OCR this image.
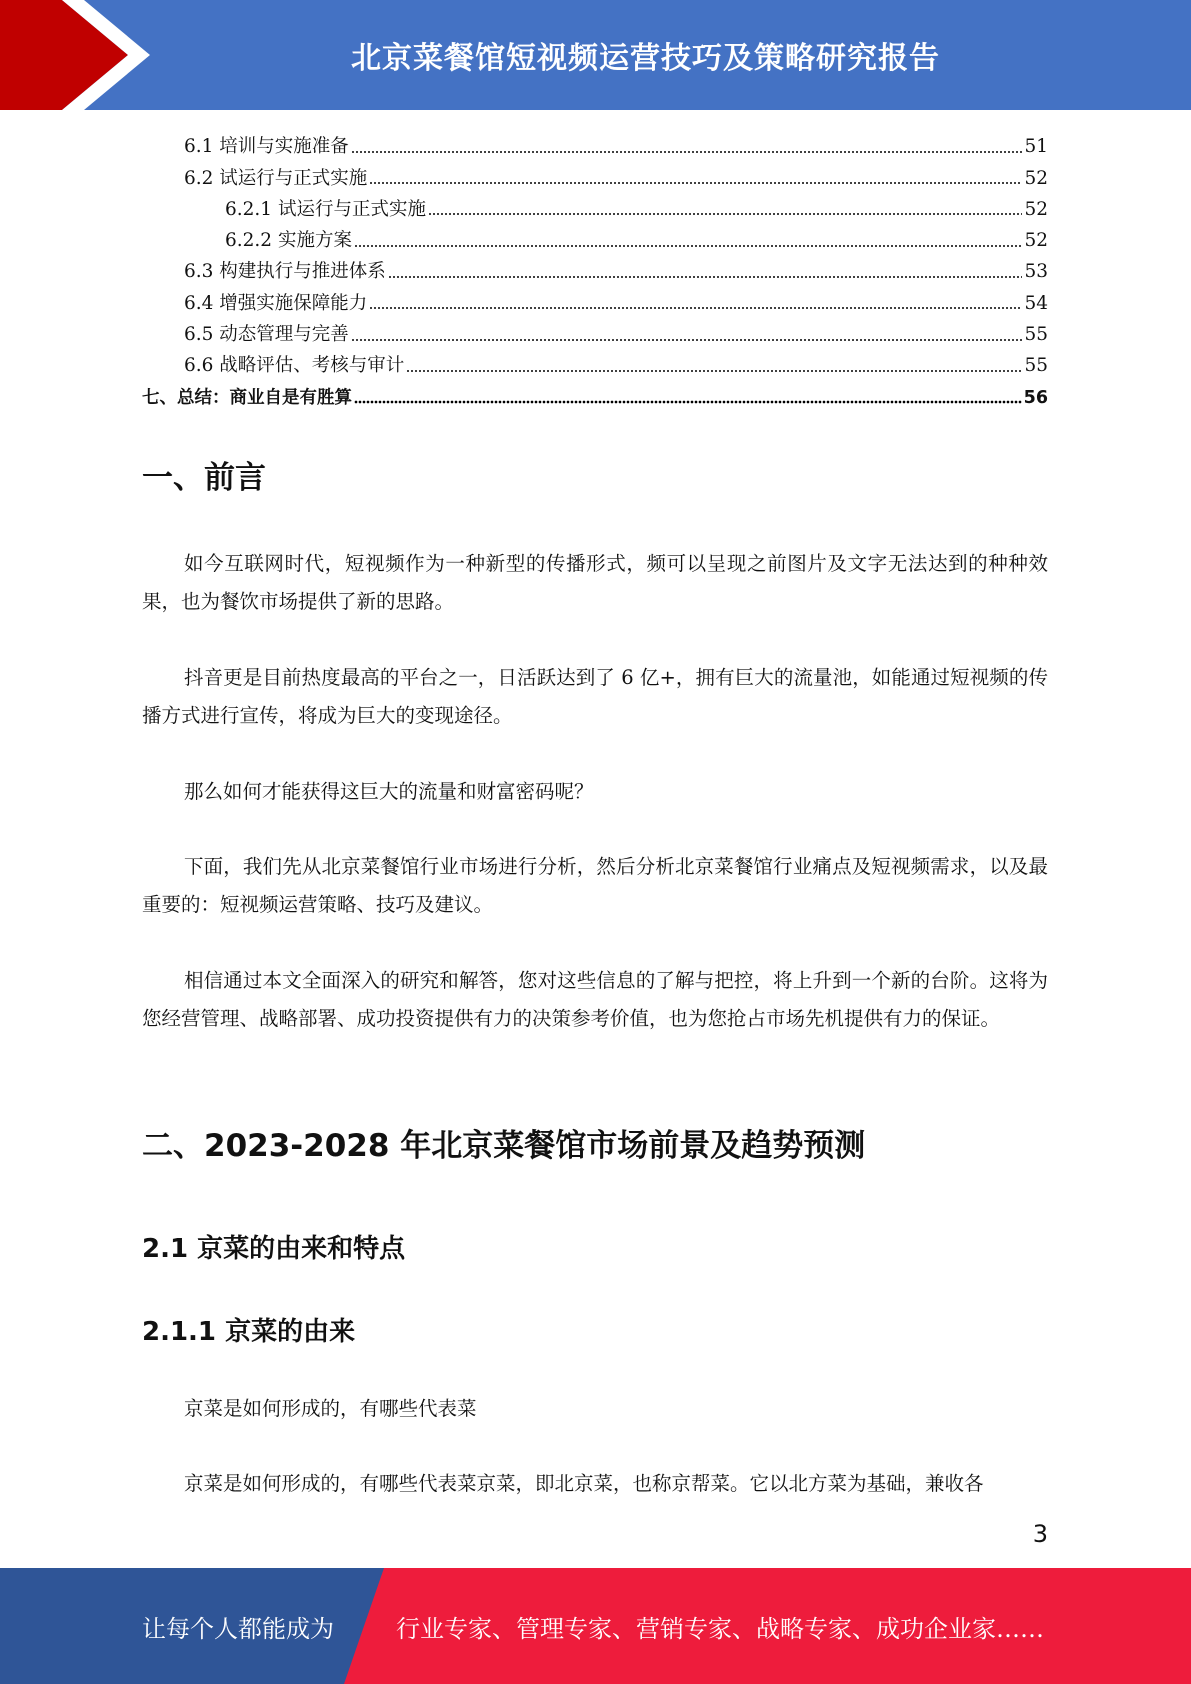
北京菜餐馆短视频运营技巧及策略研究报告
6.1 培训与实施准备	51
6.2 试运行与正式实施	52
6.2.1 试运行与正式实施	52
6.2.2 实施方案	52
6.3 构建执行与推进体系	53
6.4 增强实施保障能力	54
6.5 动态管理与完善	55
6.6 战略评估、考核与审计	55
七、总结：商业自是有胜算	56
一、前言

如今互联网时代，短视频作为一种新型的传播形式，频可以呈现之前图片及文字无法达到的种种效果，也为餐饮市场提供了新的思路。

抖音更是目前热度最高的平台之一，日活跃达到了 6 亿+，拥有巨大的流量池，如能通过短视频的传播方式进行宣传，将成为巨大的变现途径。

那么如何才能获得这巨大的流量和财富密码呢？

下面，我们先从北京菜餐馆行业市场进行分析，然后分析北京菜餐馆行业痛点及短视频需求，以及最重要的：短视频运营策略、技巧及建议。

相信通过本文全面深入的研究和解答，您对这些信息的了解与把控，将上升到一个新的台阶。这将为您经营管理、战略部署、成功投资提供有力的决策参考价值，也为您抢占市场先机提供有力的保证。

二、2023-2028 年北京菜餐馆市场前景及趋势预测
2.1 京菜的由来和特点
2.1.1 京菜的由来

京菜是如何形成的，有哪些代表菜

京菜是如何形成的，有哪些代表菜京菜，即北京菜，也称京帮菜。它以北方菜为基础，兼收各

3
让每个人都能成为	行业专家、管理专家、营销专家、战略专家、成功企业家……
